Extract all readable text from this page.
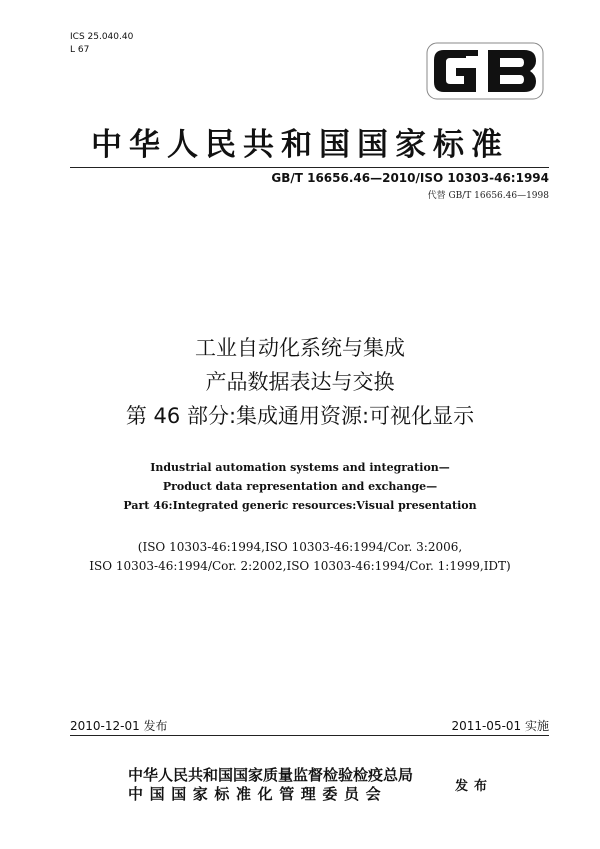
ICS 25.040.40
L 67
中华人民共和国国家标准
GB/T 16656.46—2010/ISO 10303-46:1994
代替 GB/T 16656.46—1998
工业自动化系统与集成
产品数据表达与交换
第 46 部分:集成通用资源:可视化显示
Industrial automation systems and integration—
Product data representation and exchange—
Part 46:Integrated generic resources:Visual presentation
(ISO 10303-46:1994,ISO 10303-46:1994/Cor. 3:2006,
ISO 10303-46:1994/Cor. 2:2002,ISO 10303-46:1994/Cor. 1:1999,IDT)
2010-12-01 发布	2011-05-01 实施
中华人民共和国国家质量监督检验检疫总局
中国国家标准化管理委员会	发布
